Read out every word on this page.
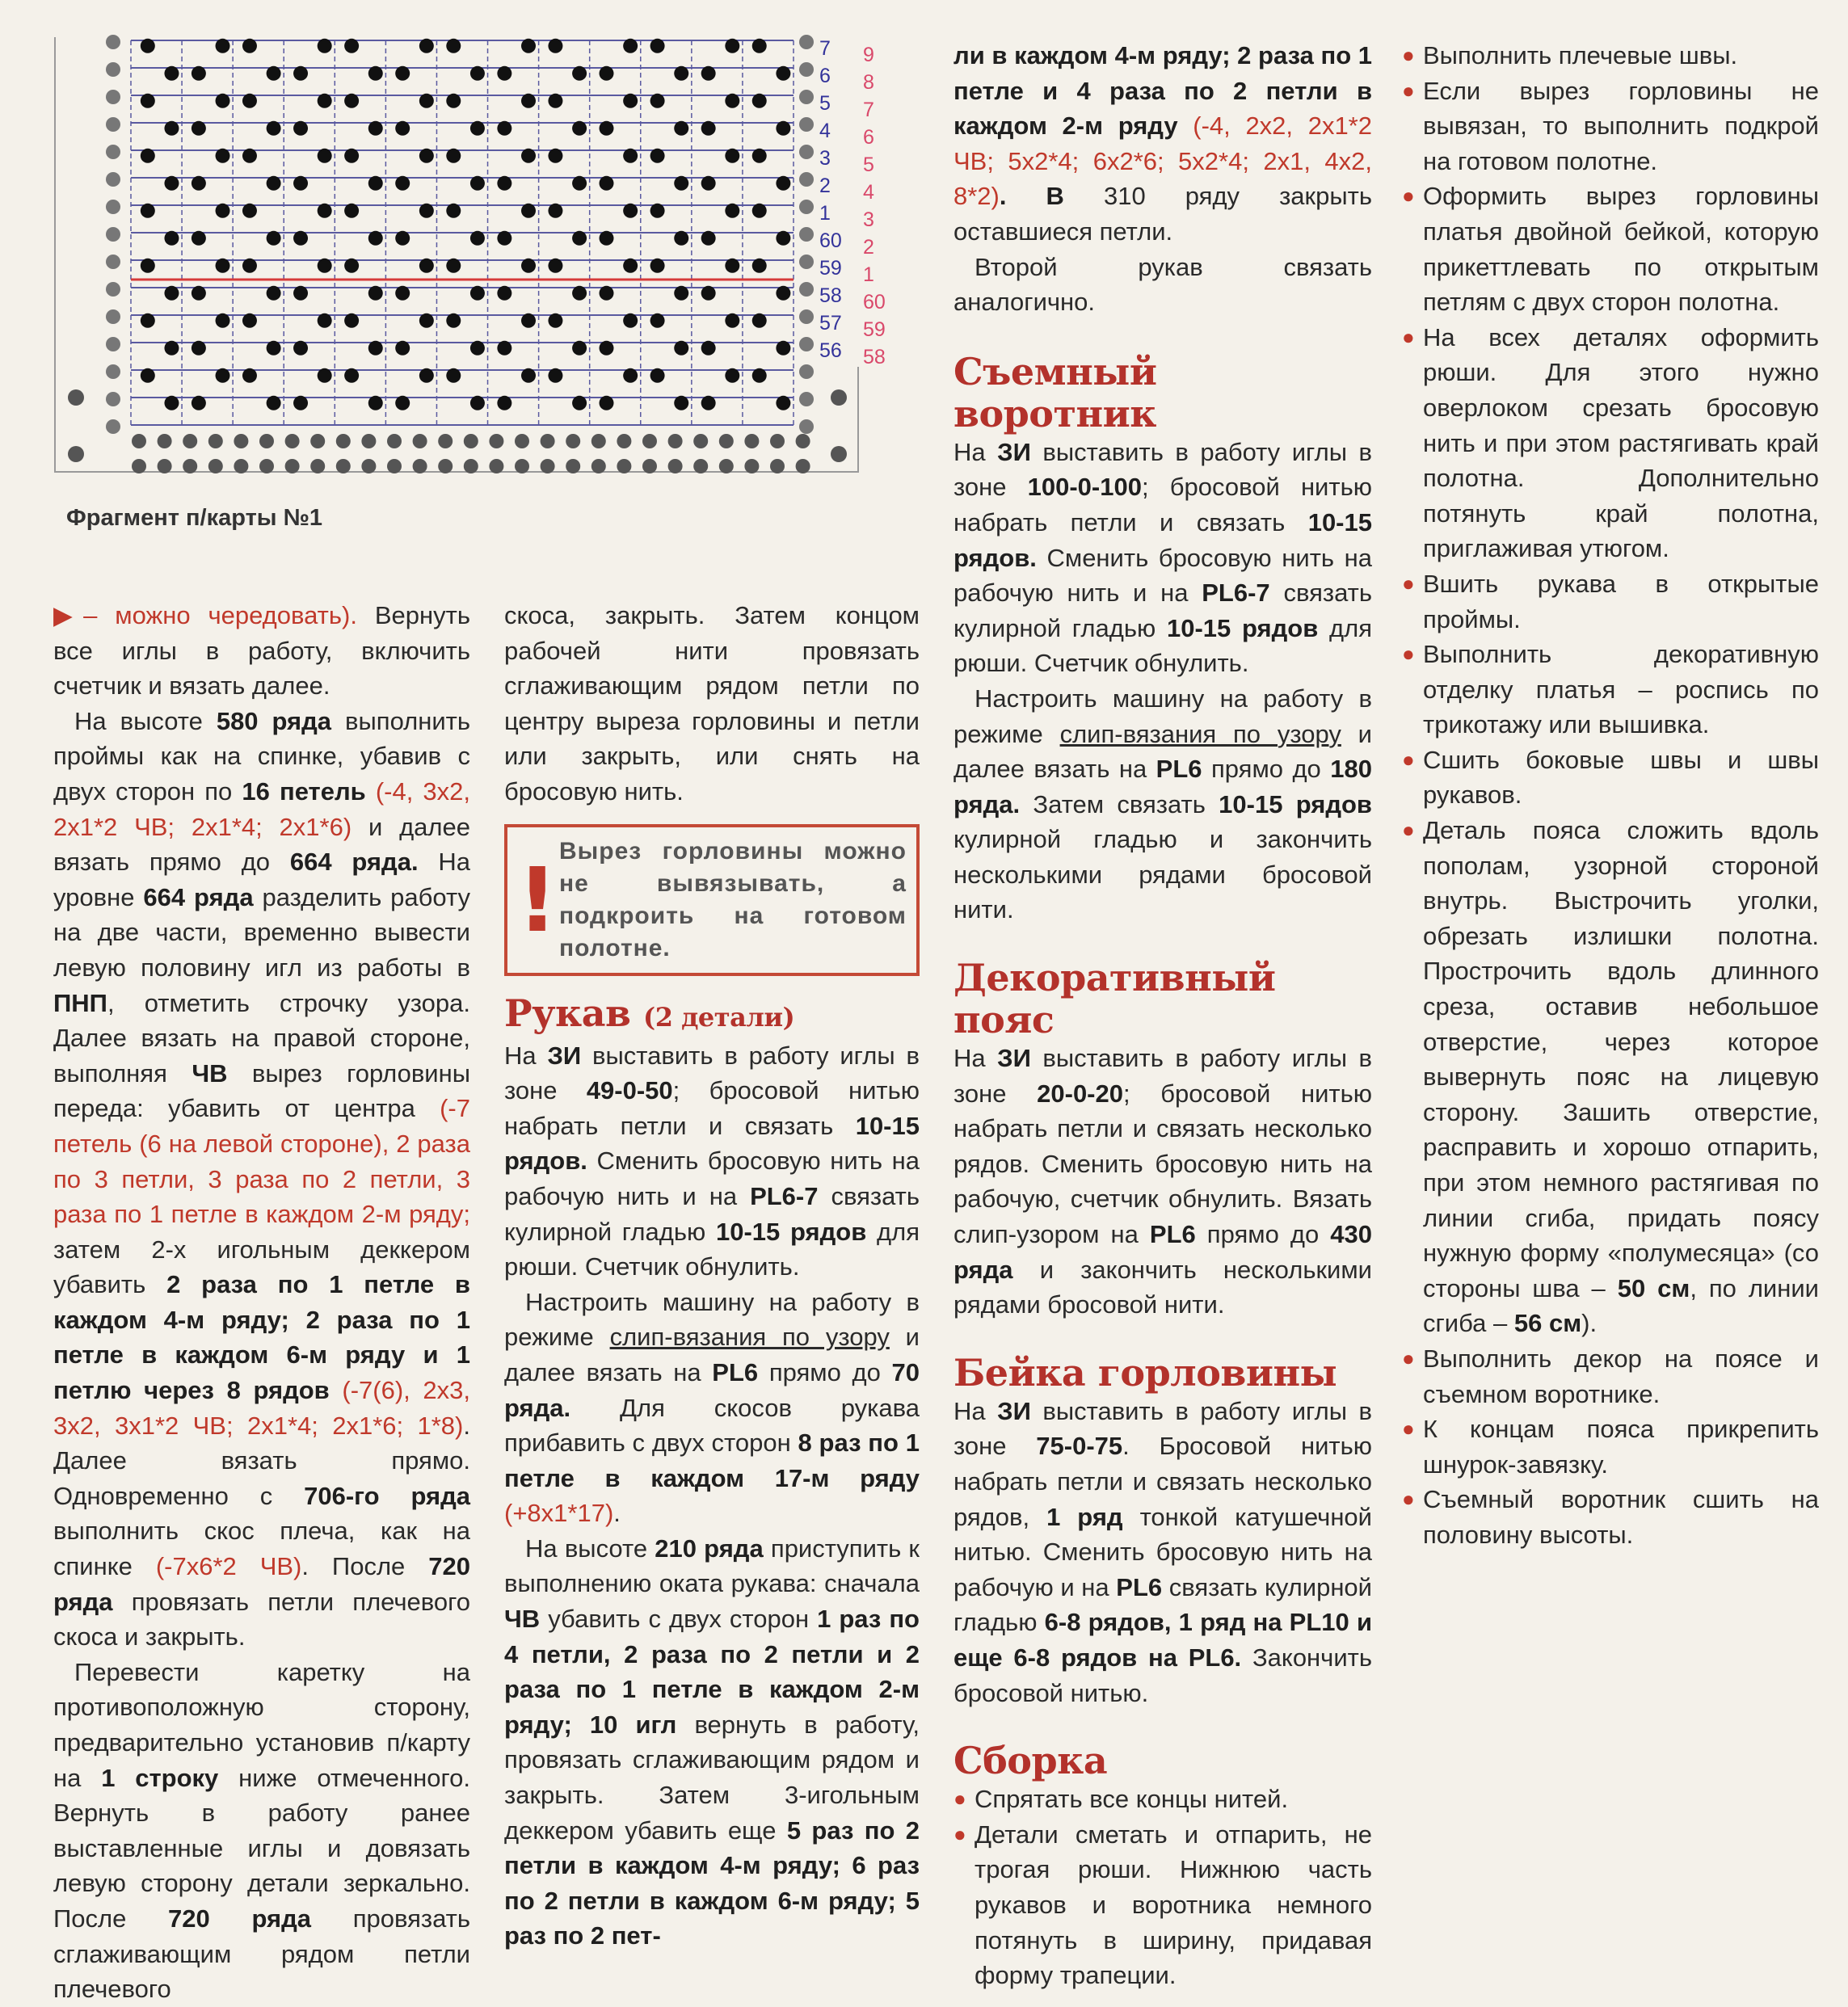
7
6
5
4
3
2
1
60
59
58
57
56
9
8
7
6
5
4
3
2
1
60
59
58
Фрагмент п/карты №1

▶– можно чередовать). Вернуть все иглы в работу, включить счетчик и вязать далее.

На высоте 580 ряда выполнить проймы как на спинке, убавив с двух сторон по 16 петель (-4, 3x2, 2x1*2 ЧВ; 2x1*4; 2x1*6) и далее вязать прямо до 664 ряда. На уровне 664 ряда разделить работу на две части, временно вывести левую половину игл из работы в ПНП, отметить строчку узора. Далее вязать на правой стороне, выполняя ЧВ вырез горловины переда: убавить от центра (-7 петель (6 на левой стороне), 2 раза по 3 петли, 3 раза по 2 петли, 3 раза по 1 петле в каждом 2-м ряду; затем 2-х игольным деккером убавить 2 раза по 1 петле в каждом 4-м ряду; 2 раза по 1 петле в каждом 6-м ряду и 1 петлю через 8 рядов (-7(6), 2x3, 3x2, 3x1*2 ЧВ; 2x1*4; 2x1*6; 1*8). Далее вязать прямо. Одновременно с 706-го ряда выполнить скос плеча, как на спинке (-7x6*2 ЧВ). После 720 ряда провязать петли плечевого скоса и закрыть.

Перевести каретку на противоположную сторону, предварительно установив п/карту на 1 строку ниже отмеченного. Вернуть в работу ранее выставленные иглы и довязать левую сторону детали зеркально. После 720 ряда провязать сглаживающим рядом петли плечевого

скоса, закрыть. Затем концом рабочей нити провязать сглаживающим рядом петли по центру выреза горловины и петли или закрыть, или снять на бросовую нить.

! Вырез горловины можно не вывязывать, а подкроить на готовом полотне.
Рукав (2 детали)

На ЗИ выставить в работу иглы в зоне 49-0-50; бросовой нитью набрать петли и связать 10-15 рядов. Сменить бросовую нить на рабочую нить и на PL6-7 связать кулирной гладью 10-15 рядов для рюши. Счетчик обнулить.

Настроить машину на работу в режиме слип-вязания по узору и далее вязать на PL6 прямо до 70 ряда. Для скосов рукава прибавить с двух сторон 8 раз по 1 петле в каждом 17-м ряду (+8x1*17).

На высоте 210 ряда приступить к выполнению оката рукава: сначала ЧВ убавить с двух сторон 1 раз по 4 петли, 2 раза по 2 петли и 2 раза по 1 петле в каждом 2-м ряду; 10 игл вернуть в работу, провязать сглаживающим рядом и закрыть. Затем 3-игольным деккером убавить еще 5 раз по 2 петли в каждом 4-м ряду; 6 раз по 2 петли в каждом 6-м ряду; 5 раз по 2 пет-

ли в каждом 4-м ряду; 2 раза по 1 петле и 4 раза по 2 петли в каждом 2-м ряду (-4, 2x2, 2x1*2 ЧВ; 5x2*4; 6x2*6; 5x2*4; 2x1, 4x2, 8*2). В 310 ряду закрыть оставшиеся петли.

Второй рукав связать аналогично.

Съемный воротник

На ЗИ выставить в работу иглы в зоне 100-0-100; бросовой нитью набрать петли и связать 10-15 рядов. Сменить бросовую нить на рабочую нить и на PL6-7 связать кулирной гладью 10-15 рядов для рюши. Счетчик обнулить.

Настроить машину на работу в режиме слип-вязания по узору и далее вязать на PL6 прямо до 180 ряда. Затем связать 10-15 рядов кулирной гладью и закончить несколькими рядами бросовой нити.

Декоративный пояс

На ЗИ выставить в работу иглы в зоне 20-0-20; бросовой нитью набрать петли и связать несколько рядов. Сменить бросовую нить на рабочую, счетчик обнулить. Вязать слип-узором на PL6 прямо до 430 ряда и закончить несколькими рядами бросовой нити.

Бейка горловины

На ЗИ выставить в работу иглы в зоне 75-0-75. Бросовой нитью набрать петли и связать несколько рядов, 1 ряд тонкой катушечной нитью. Сменить бросовую нить на рабочую и на PL6 связать кулирной гладью 6-8 рядов, 1 ряд на PL10 и еще 6-8 рядов на PL6. Закончить бросовой нитью.

Сборка

● Спрятать все концы нитей.

● Детали сметать и отпарить, не трогая рюши. Нижнюю часть рукавов и воротника немного потянуть в ширину, придавая форму трапеции.

● Выполнить плечевые швы.

● Если вырез горловины не вывязан, то выполнить подкрой на готовом полотне.

● Оформить вырез горловины платья двойной бейкой, которую прикеттлевать по открытым петлям с двух сторон полотна.

● На всех деталях оформить рюши. Для этого нужно оверлоком срезать бросовую нить и при этом растягивать край полотна. Дополнительно потянуть край полотна, приглаживая утюгом.

● Вшить рукава в открытые проймы.

● Выполнить декоративную отделку платья – роспись по трикотажу или вышивка.

● Сшить боковые швы и швы рукавов.

● Деталь пояса сложить вдоль пополам, узорной стороной внутрь. Выстрочить уголки, обрезать излишки полотна. Прострочить вдоль длинного среза, оставив небольшое отверстие, через которое вывернуть пояс на лицевую сторону. Зашить отверстие, расправить и хорошо отпарить, при этом немного растягивая по линии сгиба, придать поясу нужную форму «полумесяца» (со стороны шва – 50 см, по линии сгиба – 56 см).

● Выполнить декор на поясе и съемном воротнике.

● К концам пояса прикрепить шнурок-завязку.

● Съемный воротник сшить на половину высоты.
